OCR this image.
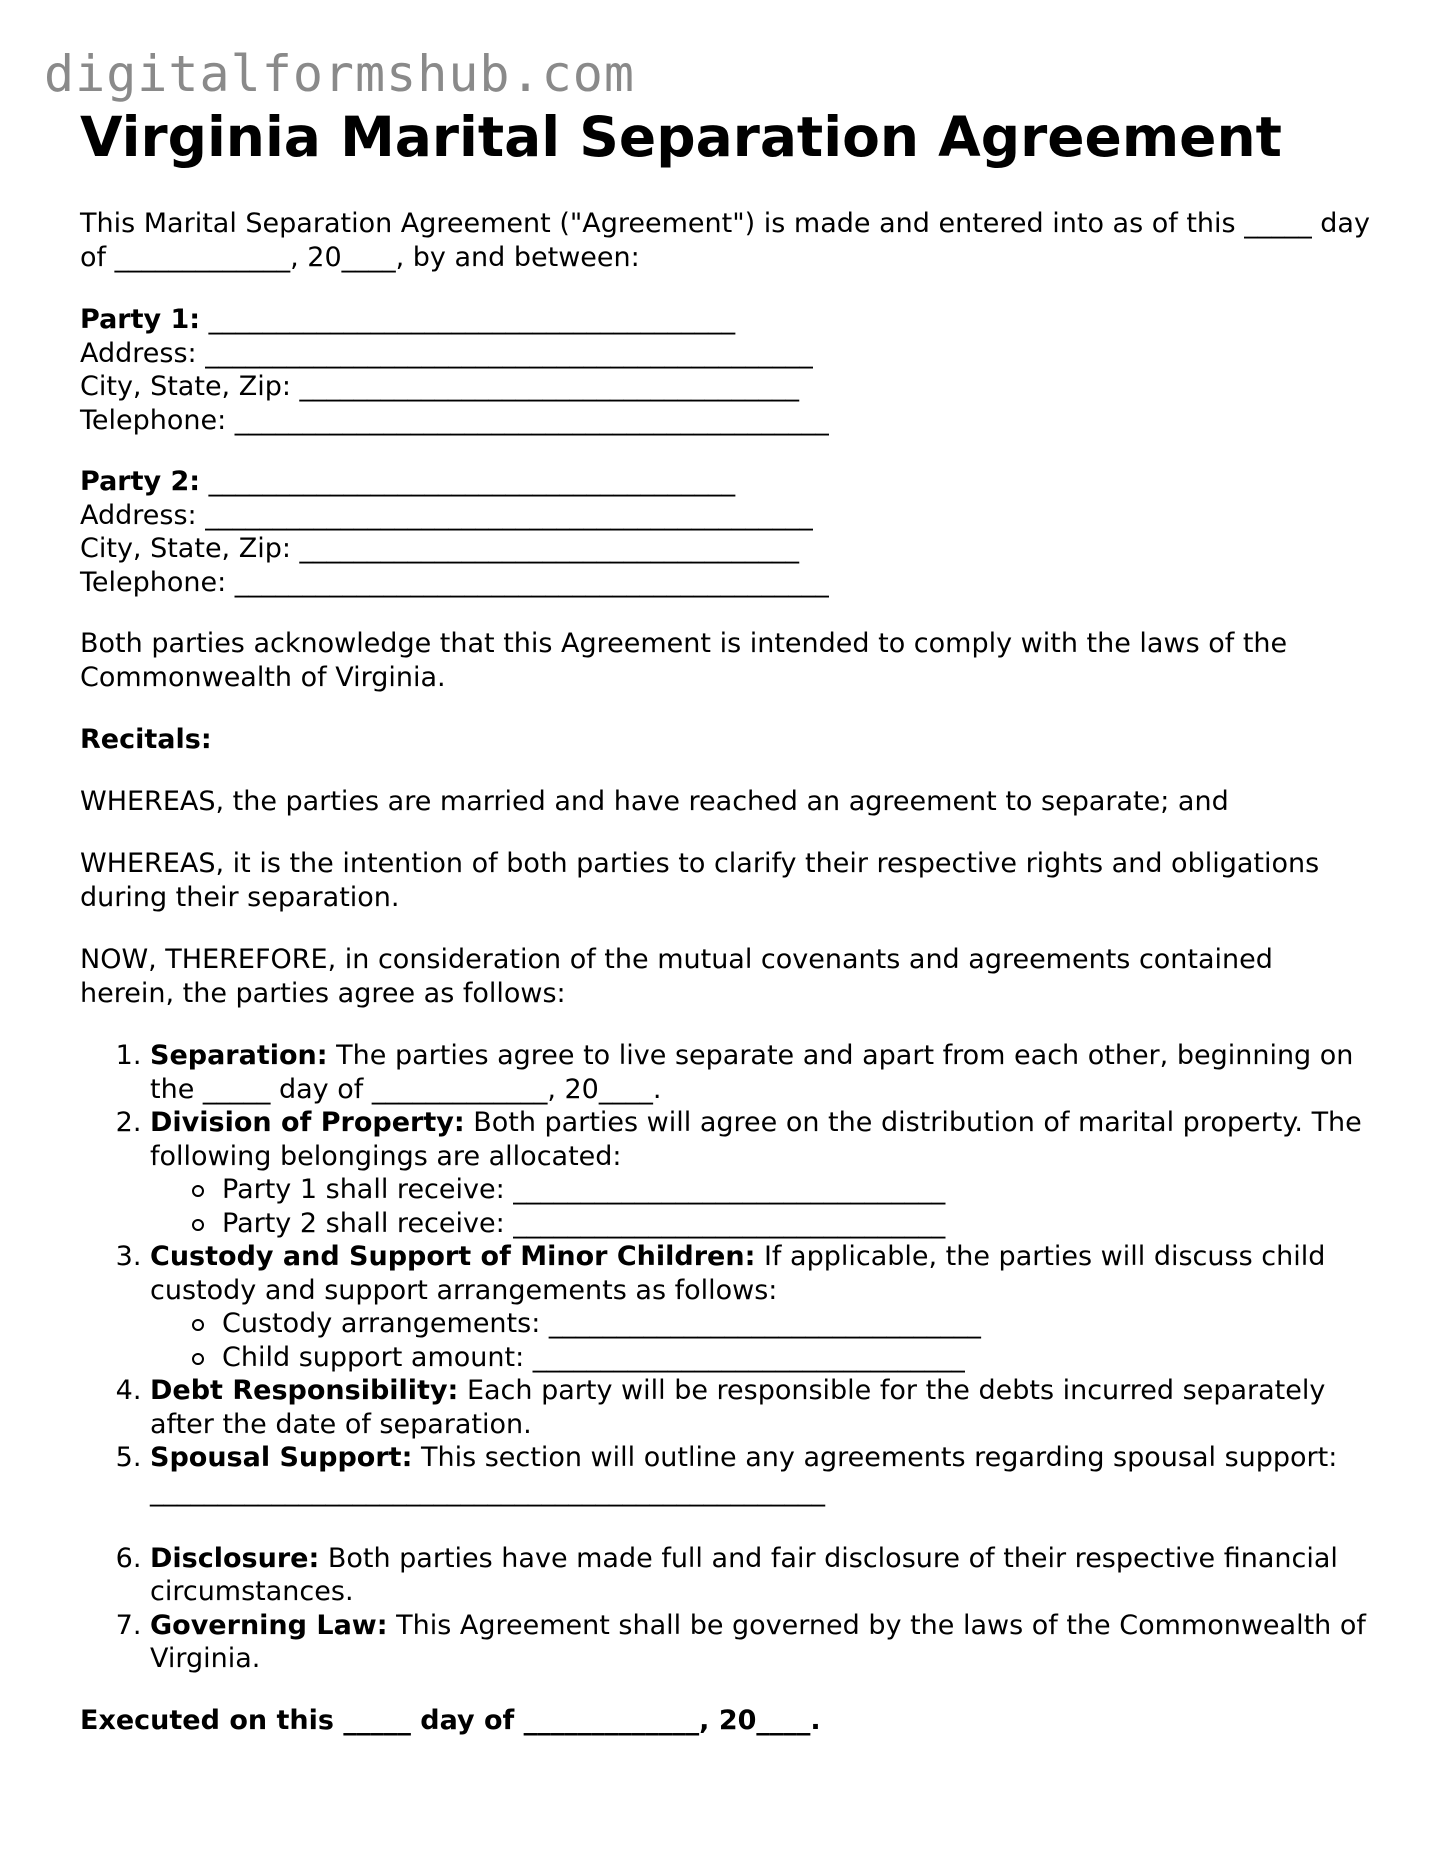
digitalformshub.com
Virginia Marital Separation Agreement

This Marital Separation Agreement ("Agreement") is made and entered into as of this _____ day of _____________, 20____, by and between:

Party 1: _______________________________________
Address: _____________________________________________
City, State, Zip: _____________________________________
Telephone: ____________________________________________
Party 2: _______________________________________
Address: _____________________________________________
City, State, Zip: _____________________________________
Telephone: ____________________________________________

Both parties acknowledge that this Agreement is intended to comply with the laws of the Commonwealth of Virginia.

Recitals:

WHEREAS, the parties are married and have reached an agreement to separate; and

WHEREAS, it is the intention of both parties to clarify their respective rights and obligations during their separation.

NOW, THEREFORE, in consideration of the mutual covenants and agreements contained herein, the parties agree as follows:

1. Separation: The parties agree to live separate and apart from each other, beginning on the _____ day of _____________, 20____.
2. Division of Property: Both parties will agree on the distribution of marital property. The following belongings are allocated:
Party 1 shall receive: ________________________________
Party 2 shall receive: ________________________________
3. Custody and Support of Minor Children: If applicable, the parties will discuss child custody and support arrangements as follows:
Custody arrangements: ________________________________
Child support amount: ________________________________
4. Debt Responsibility: Each party will be responsible for the debts incurred separately after the date of separation.
5. Spousal Support: This section will outline any agreements regarding spousal support:
__________________________________________________

6. Disclosure: Both parties have made full and fair disclosure of their respective financial circumstances.
7. Governing Law: This Agreement shall be governed by the laws of the Commonwealth of Virginia.

Executed on this _____ day of _____________, 20____.
